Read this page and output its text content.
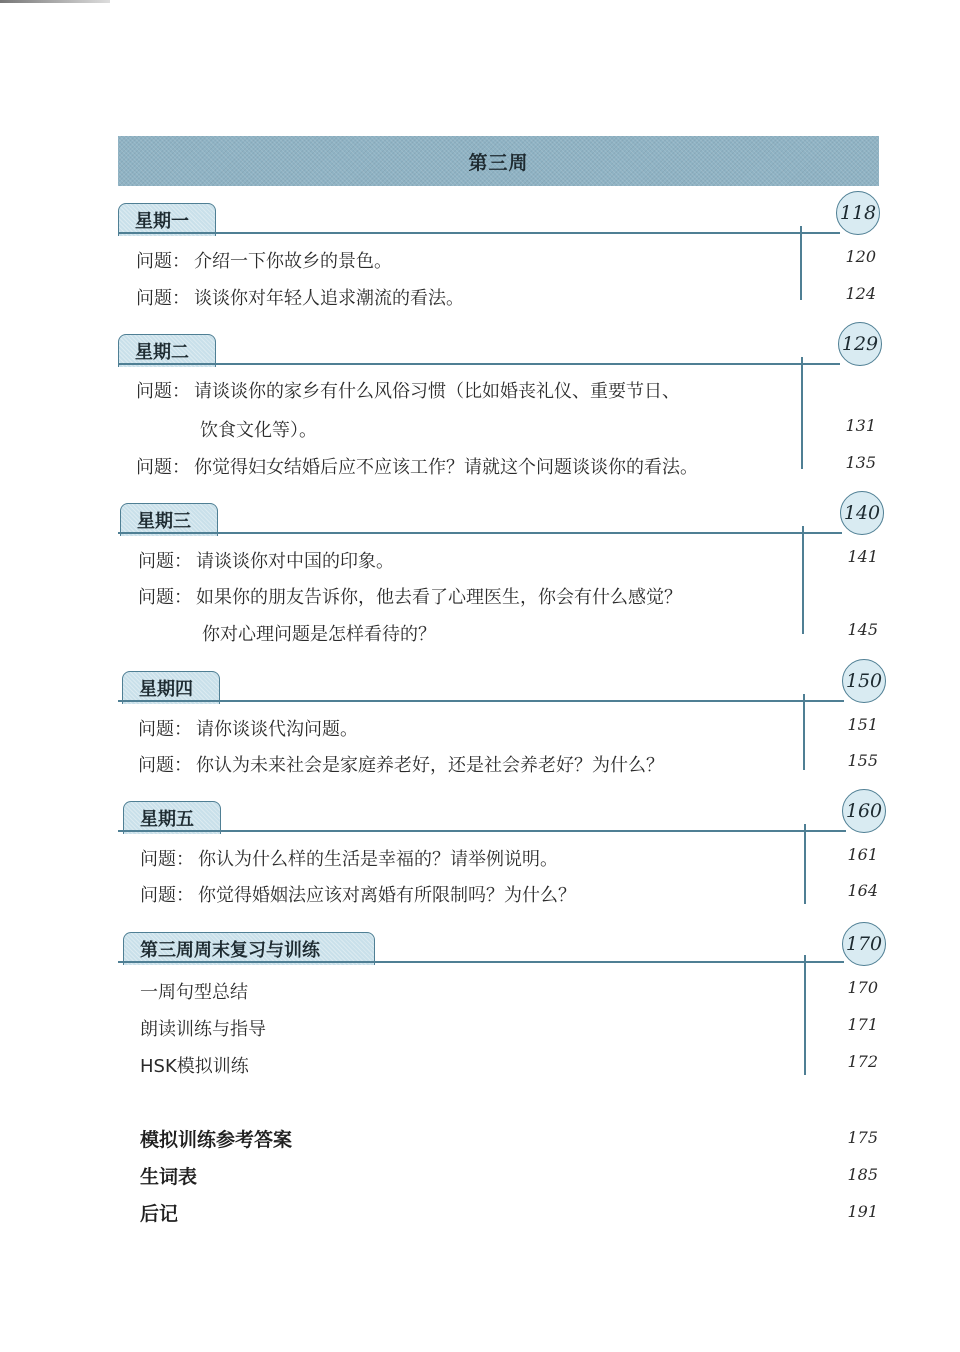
第三周
星期一	118
问题： 介绍一下你故乡的景色。	120
问题： 谈谈你对年轻人追求潮流的看法。	124
星期二	129
问题： 请谈谈你的家乡有什么风俗习惯（比如婚丧礼仪、重要节日、
饮食文化等）。	131
问题： 你觉得妇女结婚后应不应该工作？请就这个问题谈谈你的看法。	135
星期三	140
问题： 请谈谈你对中国的印象。	141
问题： 如果你的朋友告诉你，他去看了心理医生，你会有什么感觉？
你对心理问题是怎样看待的？	145
星期四	150
问题： 请你谈谈代沟问题。	151
问题： 你认为未来社会是家庭养老好，还是社会养老好？为什么？	155
星期五	160
问题： 你认为什么样的生活是幸福的？请举例说明。	161
问题： 你觉得婚姻法应该对离婚有所限制吗？为什么？	164
第三周周末复习与训练	170
一周句型总结	170
朗读训练与指导	171
HSK模拟训练	172
模拟训练参考答案	175
生词表	185
后记	191
